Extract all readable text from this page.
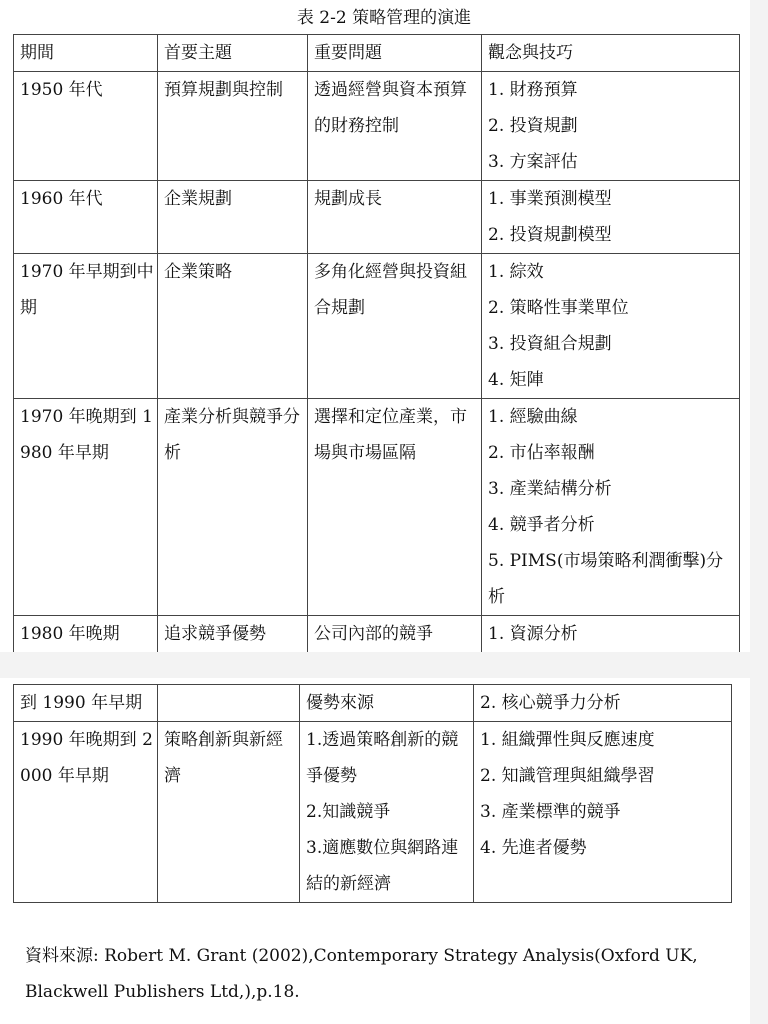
表 2-2 策略管理的演進
期間	首要主題	重要問題	觀念與技巧

1950 年代	預算規劃與控制	透過經營與資本預算的財務控制	1. 財務預算
2. 投資規劃
3. 方案評估

1960 年代	企業規劃	規劃成長	1. 事業預測模型
2. 投資規劃模型

1970 年早期到中期	企業策略	多角化經營與投資組合規劃	1. 綜效
2. 策略性事業單位
3. 投資組合規劃
4. 矩陣

1970 年晚期到 1980 年早期	產業分析與競爭分析	選擇和定位產業，市場與市場區隔	1. 經驗曲線
2. 市佔率報酬
3. 產業結構分析
4. 競爭者分析
5. PIMS(市場策略利潤衝擊)分析

1980 年晚期	追求競爭優勢	公司內部的競爭	1. 資源分析
到 1990 年早期		優勢來源	2. 核心競爭力分析

1990 年晚期到 2000 年早期	策略創新與新經濟	1.透過策略創新的競爭優勢
2.知識競爭
3.適應數位與網路連結的新經濟	1. 組織彈性與反應速度
2. 知識管理與組織學習
3. 產業標準的競爭
4. 先進者優勢
資料來源: Robert M. Grant (2002),Contemporary Strategy Analysis(Oxford UK, Blackwell Publishers Ltd,),p.18.
